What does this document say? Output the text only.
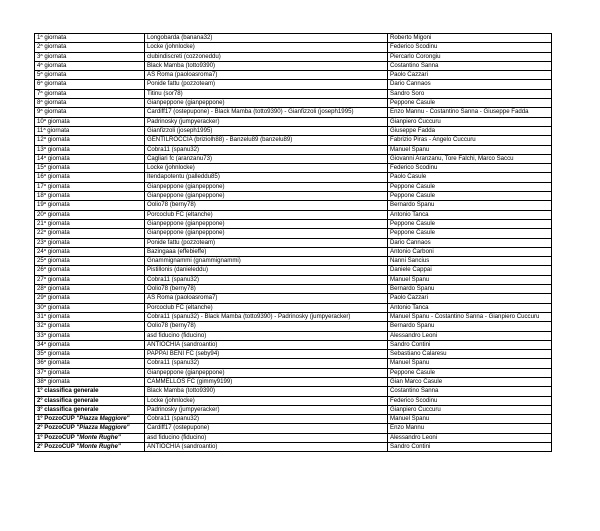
1$^a$ giornata	Longobarda (banana32)	Roberto Migoni
2$^a$ giornata	Locke (johnlocke)	Federico Scodinu
3$^a$ giornata	clubindiscreti (cozzoneddu)	Piercarlo Corongiu
4$^a$ giornata	Black Mamba (totto9390)	Costantino Sanna
5$^a$ giornata	AS Roma (paoloasroma7)	Paolo Cazzari
6$^a$ giornata	Ponide fattu (pozzoteam)	Dario Cannaos
7$^a$ giornata	Titinu (sor78)	Sandro Soro
8$^a$ giornata	Gianpeppone (gianpeppone)	Peppone Casule
9$^a$ giornata	Cardiff17 (ostepupone) - Black Mamba (totto9390) - Gianfizzoli (joseph1995)	Enzo Mannu - Costantino Sanna - Giuseppe Fadda
10$^a$ giornata	Padrinosky (jumpyeracker)	Gianpiero Cuccuru
11$^a$ giornata	Gianfizzoli (joseph1995)	Giuseppe Fadda
12$^a$ giornata	GENTILROCCIA (briziolh88) - Banzelu89 (banzelu89)	Fabrizio Piras - Angelo Cuccuru
13$^a$ giornata	Cobra11 (spanu32)	Manuel Spanu
14$^a$ giornata	Cagliari fc (aranzanu73)	Giovanni Aranzanu, Tore Falchi, Marco Saccu
15$^a$ giornata	Locke (johnlocke)	Federico Scodinu
16$^a$ giornata	Itendapotentu (palleddu85)	Paolo Casule
17$^a$ giornata	Gianpeppone (gianpeppone)	Peppone Casule
18$^a$ giornata	Gianpeppone (gianpeppone)	Peppone Casule
19$^a$ giornata	Oolio78 (berny78)	Bernardo Spanu
20$^a$ giornata	Porcoclub FC (eltanche)	Antonio Tanca
21$^a$ giornata	Gianpeppone (gianpeppone)	Peppone Casule
22$^a$ giornata	Gianpeppone (gianpeppone)	Peppone Casule
23$^a$ giornata	Ponide fattu (pozzoteam)	Dario Cannaos
24$^a$ giornata	Bazingaaa (effebieffe)	Antonio Carboni
25$^a$ giornata	Gnammignammi (gnammignammi)	Nanni Sancius
26$^a$ giornata	Pistillonis (danieleddu)	Daniele Cappai
27$^a$ giornata	Cobra11 (spanu32)	Manuel Spanu
28$^a$ giornata	Oolio78 (berny78)	Bernardo Spanu
29$^a$ giornata	AS Roma (paoloasroma7)	Paolo Cazzari
30$^a$ giornata	Porcoclub FC (eltanche)	Antonio Tanca
31$^a$ giornata	Cobra11 (spanu32) - Black Mamba (totto9390) - Padrinosky (jumpyeracker)	Manuel Spanu - Costantino Sanna - Gianpiero Cuccuru
32$^a$ giornata	Oolio78 (berny78)	Bernardo Spanu
33$^a$ giornata	asd fiducino (fiducino)	Alessandro Leoni
34$^a$ giornata	ANTIOCHIA (sandroantio)	Sandro Contini
35$^a$ giornata	PAPPAI BENI FC (seby94)	Sebastiano Calaresu
36$^a$ giornata	Cobra11 (spanu32)	Manuel Spanu
37$^a$ giornata	Gianpeppone (gianpeppone)	Peppone Casule
38$^a$ giornata	CAMMELLOS FC (gimmy9199)	Gian Marco Casule
1º classifica generale	Black Mamba (totto9390)	Costantino Sanna
2º classifica generale	Locke (johnlocke)	Federico Scodinu
3º classifica generale	Padrinosky (jumpyeracker)	Gianpiero Cuccuru
1º PozzoCUP "Piazza Maggiore"	Cobra11 (spanu32)	Manuel Spanu
2º PozzoCUP "Piazza Maggiore"	Cardiff17 (ostepupone)	Enzo Mannu
1º PozzoCUP "Monte Rughe"	asd fiducino (fiducino)	Alessandro Leoni
2º PozzoCUP "Monte Rughe"	ANTIOCHIA (sandroantio)	Sandro Contini
